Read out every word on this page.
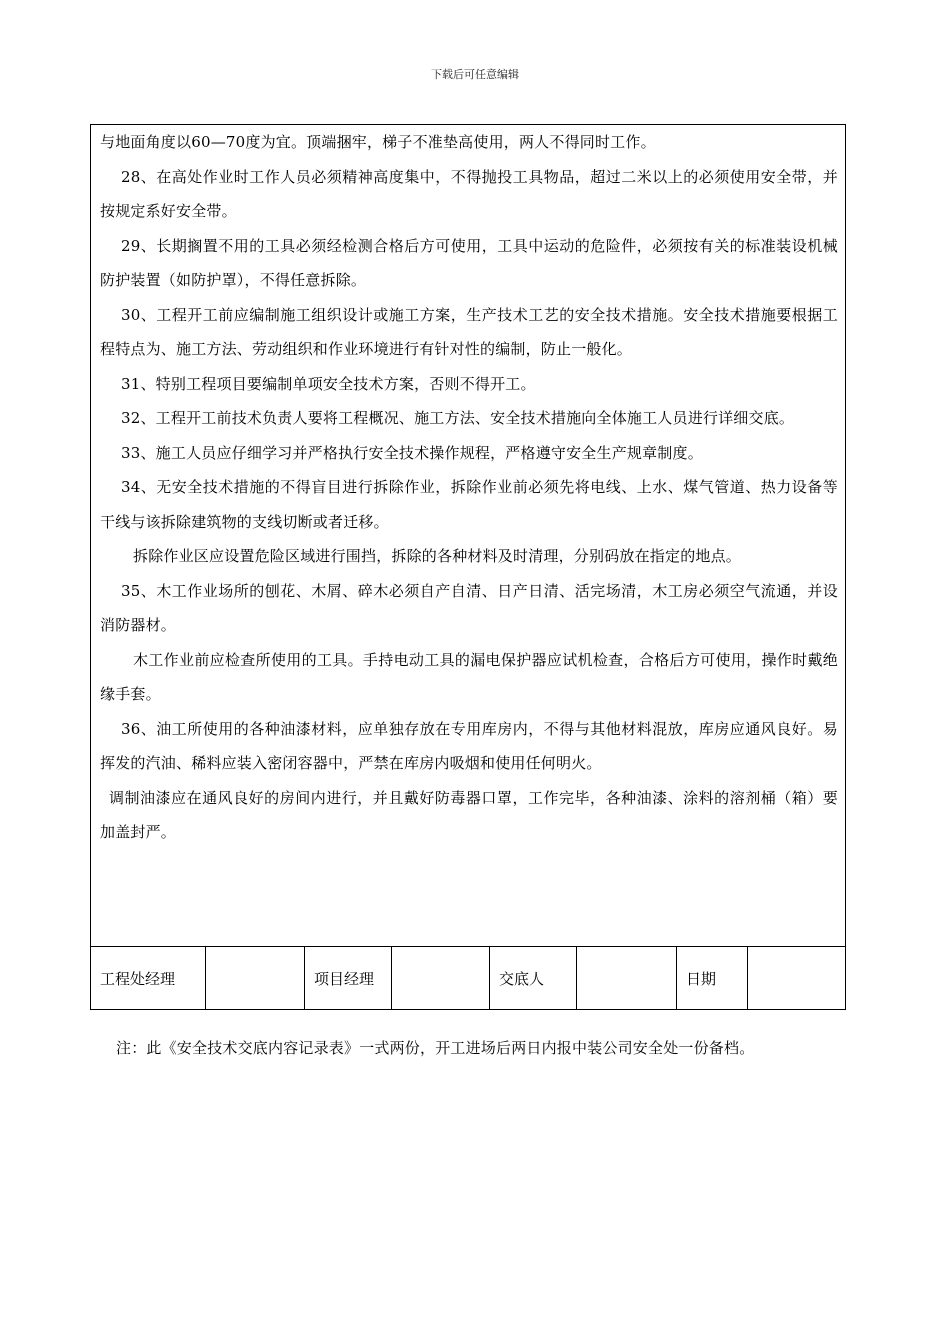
下载后可任意编辑

与地面角度以60—70度为宜。顶端捆牢，梯子不准垫高使用，两人不得同时工作。

28、在高处作业时工作人员必须精神高度集中，不得抛投工具物品，超过二米以上的必须使用安全带，并按规定系好安全带。

29、长期搁置不用的工具必须经检测合格后方可使用，工具中运动的危险件，必须按有关的标准装设机械防护装置（如防护罩），不得任意拆除。

30、工程开工前应编制施工组织设计或施工方案，生产技术工艺的安全技术措施。安全技术措施要根据工程特点为、施工方法、劳动组织和作业环境进行有针对性的编制，防止一般化。

31、特别工程项目要编制单项安全技术方案，否则不得开工。

32、工程开工前技术负责人要将工程概况、施工方法、安全技术措施向全体施工人员进行详细交底。

33、施工人员应仔细学习并严格执行安全技术操作规程，严格遵守安全生产规章制度。

34、无安全技术措施的不得盲目进行拆除作业，拆除作业前必须先将电线、上水、煤气管道、热力设备等干线与该拆除建筑物的支线切断或者迁移。

拆除作业区应设置危险区域进行围挡，拆除的各种材料及时清理，分别码放在指定的地点。

35、木工作业场所的刨花、木屑、碎木必须自产自清、日产日清、活完场清，木工房必须空气流通，并设消防器材。

木工作业前应检查所使用的工具。手持电动工具的漏电保护器应试机检查，合格后方可使用，操作时戴绝缘手套。

36、油工所使用的各种油漆材料，应单独存放在专用库房内，不得与其他材料混放，库房应通风良好。易挥发的汽油、稀料应装入密闭容器中，严禁在库房内吸烟和使用任何明火。

调制油漆应在通风良好的房间内进行，并且戴好防毒器口罩，工作完毕，各种油漆、涂料的溶剂桶（箱）要加盖封严。

工程处经理	项目经理	交底人	日期
注：此《安全技术交底内容记录表》一式两份，开工进场后两日内报中装公司安全处一份备档。
